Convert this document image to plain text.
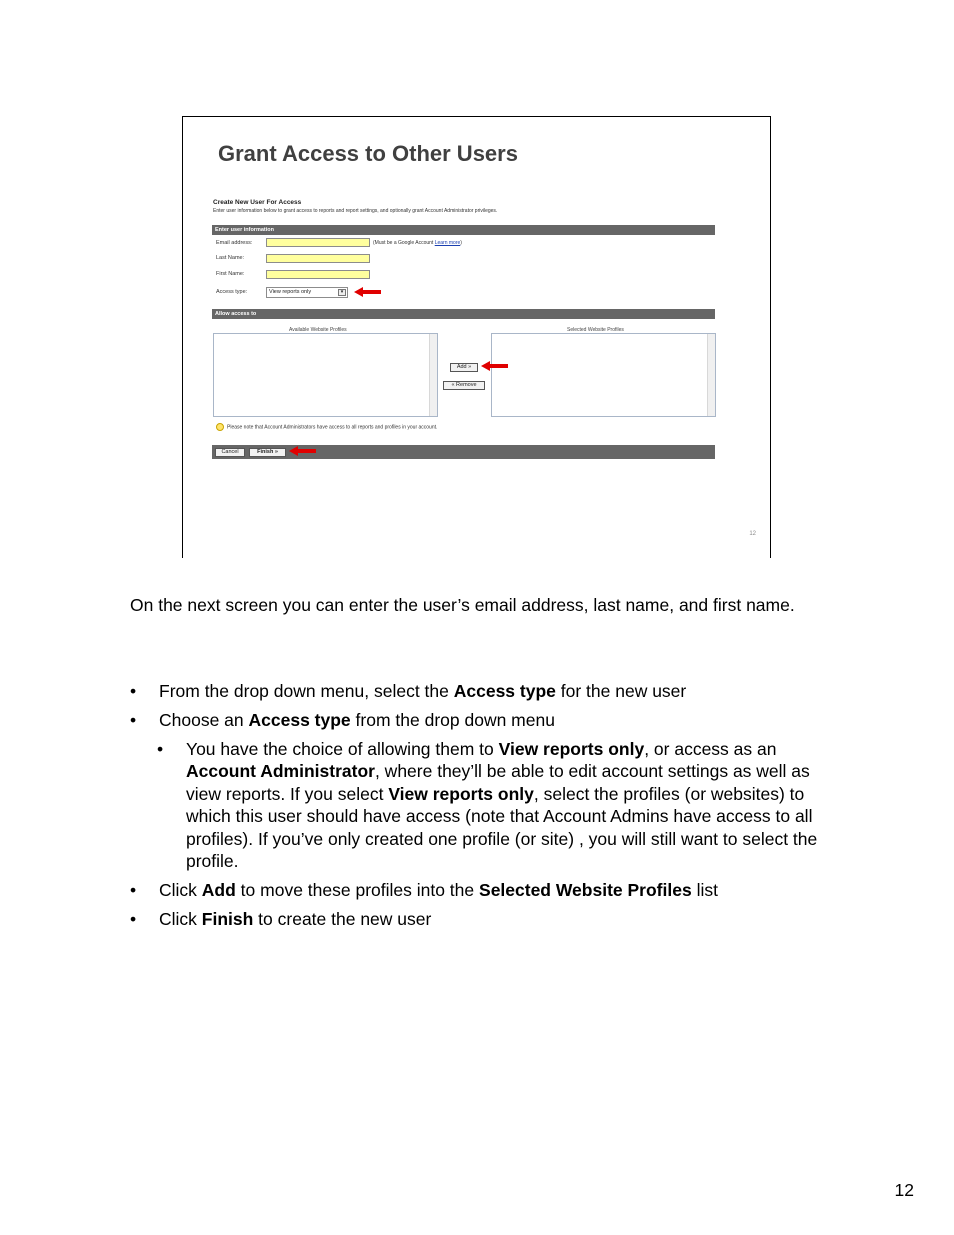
Grant Access to Other Users
Create New User For Access
Enter user information below to grant access to reports and report settings, and optionally grant Account Administrator privileges.
Enter user information
Email address:	(Must be a Google Account Learn more)
Last Name:
First Name:
Access type:	View reports only	▾
Allow access to
Available Website Profiles	Selected Website Profiles
Add »
« Remove
Please note that Account Administrators have access to all reports and profiles in your account.
Cancel	Finish »
12

On the next screen you can enter the user’s email address, last name, and first name.

• From the drop down menu, select the Access type for the new user
• Choose an Access type from the drop down menu
• You have the choice of allowing them to View reports only, or access as an Account Administrator, where they’ll be able to edit account settings as well as view reports. If you select View reports only, select the profiles (or websites) to which this user should have access (note that Account Admins have access to all profiles). If you’ve only created one profile (or site) , you will still want to select the profile.
• Click Add to move these profiles into the Selected Website Profiles list
• Click Finish to create the new user
12
